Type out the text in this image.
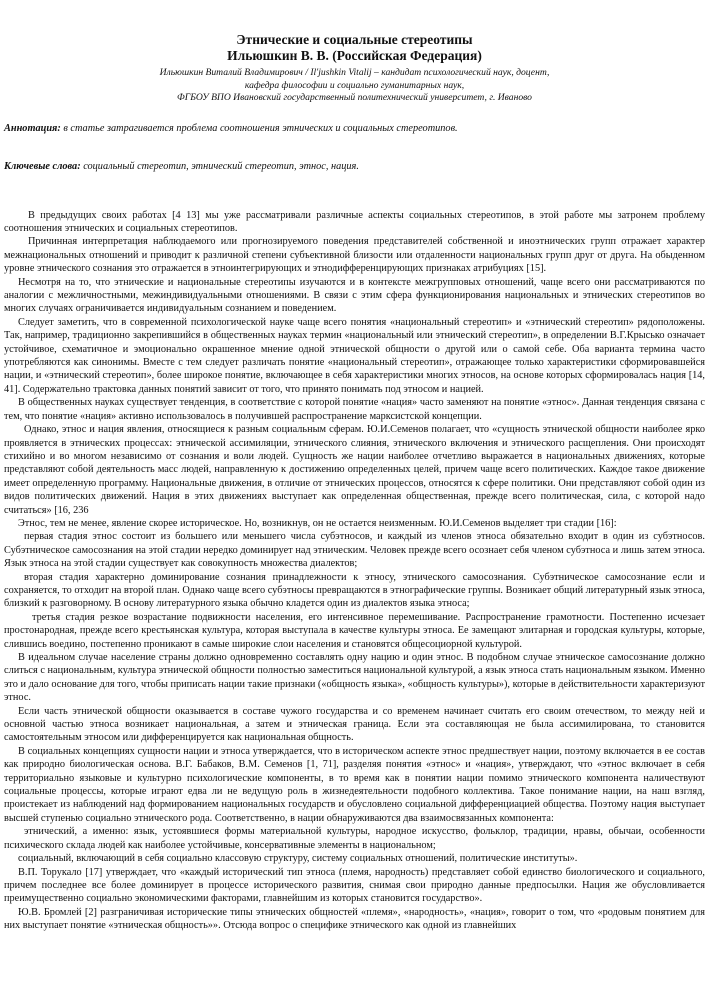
Этнические и социальные стереотипы
Ильюшкин В. В. (Российская Федерация)
Ильюшкин Виталий Владимирович / Il'jushkin Vitalij – кандидат психологический наук, доцент,
кафедра философии и социально гуманитарных наук,
ФГБОУ ВПО Ивановский государственный политехнический университет, г. Иваново
Аннотация: в статье затрагивается проблема соотношения этнических и социальных стереотипов.
Ключевые слова: социальный стереотип, этнический стереотип, этнос, нация.

В предыдущих своих работах [4 13] мы уже рассматривали различные аспекты социальных стереотипов, в этой работе мы затронем проблему соотношения этнических и социальных стереотипов.

Причинная интерпретация наблюдаемого или прогнозируемого поведения представителей собственной и иноэтнических групп отражает характер межнациональных отношений и приводит к различной степени субъективной близости или отдаленности национальных групп друг от друга. На обыденном уровне этнического сознания это отражается в этноинтегрирующих и этнодифференцирующих признаках атрибуциях [15].

Несмотря на то, что этнические и национальные стереотипы изучаются и в контексте межгрупповых отношений, чаще всего они рассматриваются по аналогии с межличностными, межиндивидуальными отношениями. В связи с этим сфера функционирования национальных и этнических стереотипов во многих случаях ограничивается индивидуальным сознанием и поведением.

Следует заметить, что в современной психологической науке чаще всего понятия «национальный стереотип» и «этнический стереотип» рядоположены. Так, например, традиционно закрепившийся в общественных науках термин «национальный или этнический стереотип», в определении В.Г.Крысько означает устойчивое, схематичное и эмоционально окрашенное мнение одной этнической общности о другой или о самой себе. Оба варианта термина часто употребляются как синонимы. Вместе с тем следует различать понятие «национальный стереотип», отражающее только характеристики сформировавшейся нации, и «этнический стереотип», более широкое понятие, включающее в себя характеристики многих этносов, на основе которых сформировалась нация [14, 41]. Содержательно трактовка данных понятий зависит от того, что принято понимать под этносом и нацией.

В общественных науках существует тенденция, в соответствие с которой понятие «нация» часто заменяют на понятие «этнос». Данная тенденция связана с тем, что понятие «нация» активно использовалось в получившей распространение марксистской концепции.

Однако, этнос и нация явления, относящиеся к разным социальным сферам. Ю.И.Семенов полагает, что «сущность этнической общности наиболее ярко проявляется в этнических процессах: этнической ассимиляции, этнического слияния, этнического включения и этнического расщепления. Они происходят стихийно и во многом независимо от сознания и воли людей. Сущность же нации наиболее отчетливо выражается в национальных движениях, которые представляют собой деятельность масс людей, направленную к достижению определенных целей, причем чаще всего политических. Каждое такое движение имеет определенную программу. Национальные движения, в отличие от этнических процессов, относятся к сфере политики. Они представляют собой один из видов политических движений. Нация в этих движениях выступает как определенная общественная, прежде всего политическая, сила, с которой надо считаться» [16, 236

Этнос, тем не менее, явление скорее историческое. Но, возникнув, он не остается неизменным. Ю.И.Семенов выделяет три стадии [16]:

первая стадия этнос состоит из большего или меньшего числа субэтносов, и каждый из членов этноса обязательно входит в один из субэтносов. Субэтническое самосознания на этой стадии нередко доминирует над этническим. Человек прежде всего осознает себя членом субэтноса и лишь затем этноса. Язык этноса на этой стадии существует как совокупность множества диалектов;

вторая стадия характерно доминирование сознания принадлежности к этносу, этнического самосознания. Субэтническое самосознание если и сохраняется, то отходит на второй план. Однако чаще всего субэтносы превращаются в этнографические группы. Возникает общий литературный язык этноса, близкий к разговорному. В основу литературного языка обычно кладется один из диалектов языка этноса;

третья стадия резкое возрастание подвижности населения, его интенсивное перемешивание. Распространение грамотности. Постепенно исчезает простонародная, прежде всего крестьянская культура, которая выступала в качестве культуры этноса. Ее замещают элитарная и городская культуры, которые, слившись воедино, постепенно проникают в самые широкие слои населения и становятся общесоциорной культурой.

В идеальном случае население страны должно одновременно составлять одну нацию и один этнос. В подобном случае этническое самосознание должно слиться с национальным, культура этнической общности полностью заместиться национальной культурой, а язык этноса стать национальным языком. Именно это и дало основание для того, чтобы приписать нации такие признаки («общность языка», «общность культуры»), которые в действительности характеризуют этнос.

Если часть этнической общности оказывается в составе чужого государства и со временем начинает считать его своим отечеством, то между ней и основной частью этноса возникает национальная, а затем и этническая граница. Если эта составляющая не была ассимилирована, то становится самостоятельным этносом или дифференцируется как национальная общность.

В социальных концепциях сущности нации и этноса утверждается, что в историческом аспекте этнос предшествует нации, поэтому включается в ее состав как природно биологическая основа. В.Г. Бабаков, В.М. Семенов [1, 71], разделяя понятия «этнос» и «нация», утверждают, что «этнос включает в себя территориально языковые и культурно психологические компоненты, в то время как в понятии нации помимо этнического компонента наличествуют социальные процессы, которые играют едва ли не ведущую роль в жизнедеятельности подобного коллектива. Такое понимание нации, на наш взгляд, проистекает из наблюдений над формированием национальных государств и обусловлено социальной дифференциацией общества. Поэтому нация выступает высшей ступенью социально этнического рода. Соответственно, в нации обнаруживаются два взаимосвязанных компонента:

этнический, а именно: язык, устоявшиеся формы материальной культуры, народное искусство, фольклор, традиции, нравы, обычаи, особенности психического склада людей как наиболее устойчивые, консервативные элементы в национальном;

социальный, включающий в себя социально классовую структуру, систему социальных отношений, политические институты».

В.П. Торукало [17] утверждает, что «каждый исторический тип этноса (племя, народность) представляет собой единство биологического и социального, причем последнее все более доминирует в процессе исторического развития, снимая свои природно данные предпосылки. Нация же обусловливается преимущественно социально экономическими факторами, главнейшим из которых становится государство».

Ю.В. Бромлей [2] разграничивая исторические типы этнических общностей «племя», «народность», «нация», говорит о том, что «родовым понятием для них выступает понятие «этническая общность»». Отсюда вопрос о специфике этнического как одной из главнейших
